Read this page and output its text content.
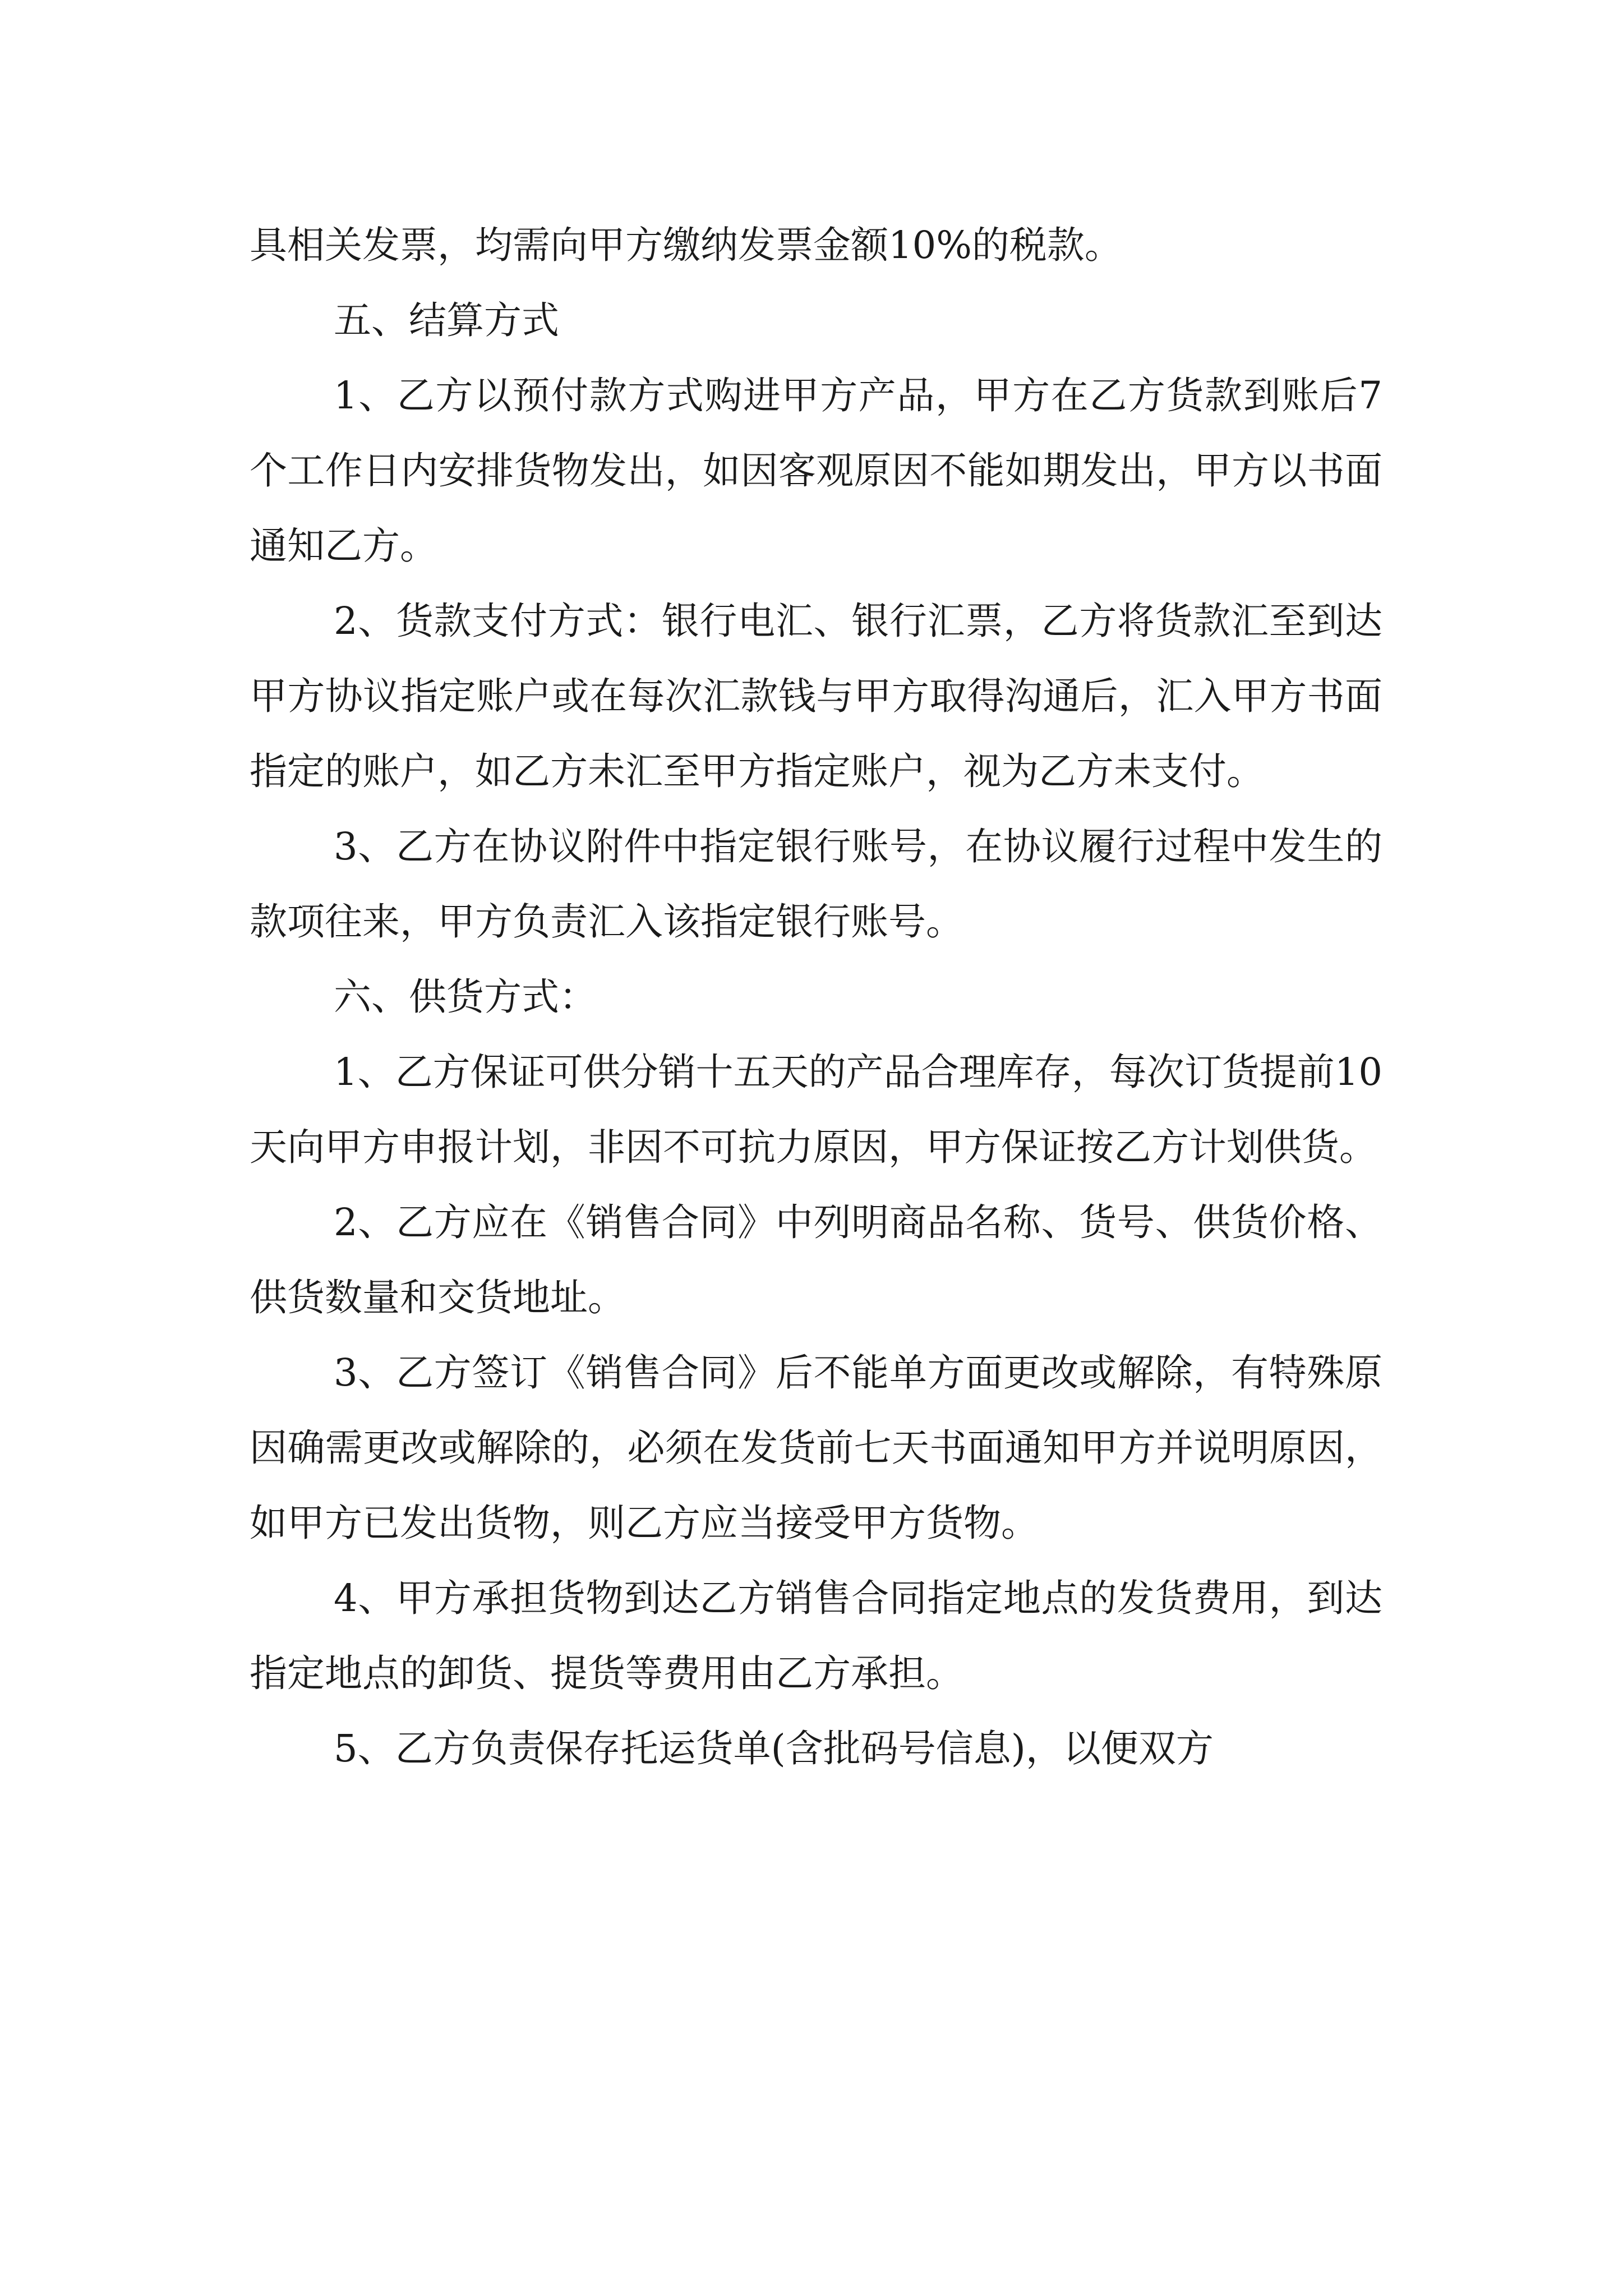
具相关发票，均需向甲方缴纳发票金额10%的税款。

五、结算方式

1、乙方以预付款方式购进甲方产品，甲方在乙方货款到账后7个工作日内安排货物发出，如因客观原因不能如期发出，甲方以书面通知乙方。

2、货款支付方式：银行电汇、银行汇票，乙方将货款汇至到达甲方协议指定账户或在每次汇款钱与甲方取得沟通后，汇入甲方书面指定的账户，如乙方未汇至甲方指定账户，视为乙方未支付。

3、乙方在协议附件中指定银行账号，在协议履行过程中发生的款项往来，甲方负责汇入该指定银行账号。

六、供货方式：

1、乙方保证可供分销十五天的产品合理库存，每次订货提前10天向甲方申报计划，非因不可抗力原因，甲方保证按乙方计划供货。

2、乙方应在《销售合同》中列明商品名称、货号、供货价格、供货数量和交货地址。

3、乙方签订《销售合同》后不能单方面更改或解除，有特殊原因确需更改或解除的，必须在发货前七天书面通知甲方并说明原因，如甲方已发出货物，则乙方应当接受甲方货物。

4、甲方承担货物到达乙方销售合同指定地点的发货费用，到达指定地点的卸货、提货等费用由乙方承担。

5、乙方负责保存托运货单(含批码号信息)，以便双方
